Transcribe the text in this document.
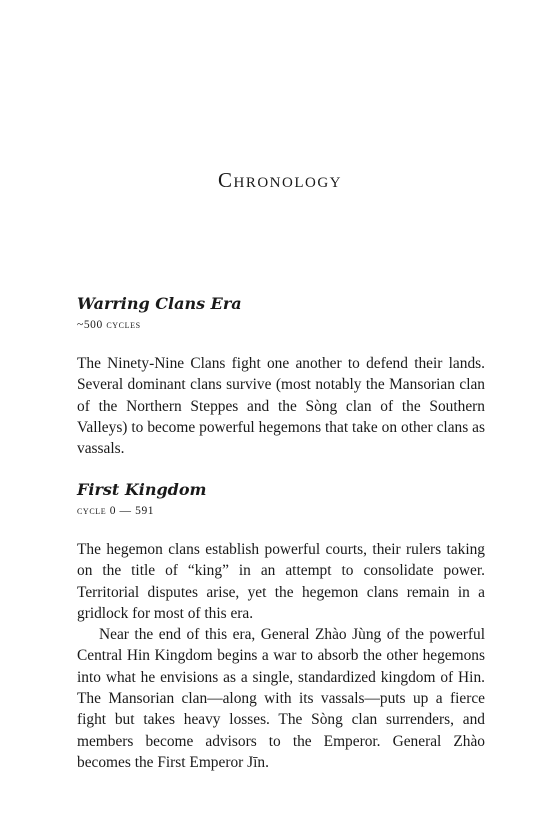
Chronology
Warring Clans Era
~500 cycles

The Ninety-Nine Clans fight one another to defend their lands. Several dominant clans survive (most notably the Mansorian clan of the Northern Steppes and the Sòng clan of the Southern Valleys) to become powerful hegemons that take on other clans as vassals.

First Kingdom
cycle 0 — 591

The hegemon clans establish powerful courts, their rulers taking on the title of “king” in an attempt to consolidate power. Territorial disputes arise, yet the hegemon clans remain in a gridlock for most of this era.

Near the end of this era, General Zhào Jùng of the powerful Central Hin Kingdom begins a war to absorb the other hegemons into what he envisions as a single, standardized kingdom of Hin. The Mansorian clan—along with its vassals—puts up a fierce fight but takes heavy losses. The Sòng clan surrenders, and members become advisors to the Emperor. General Zhào becomes the First Emperor Jīn.
